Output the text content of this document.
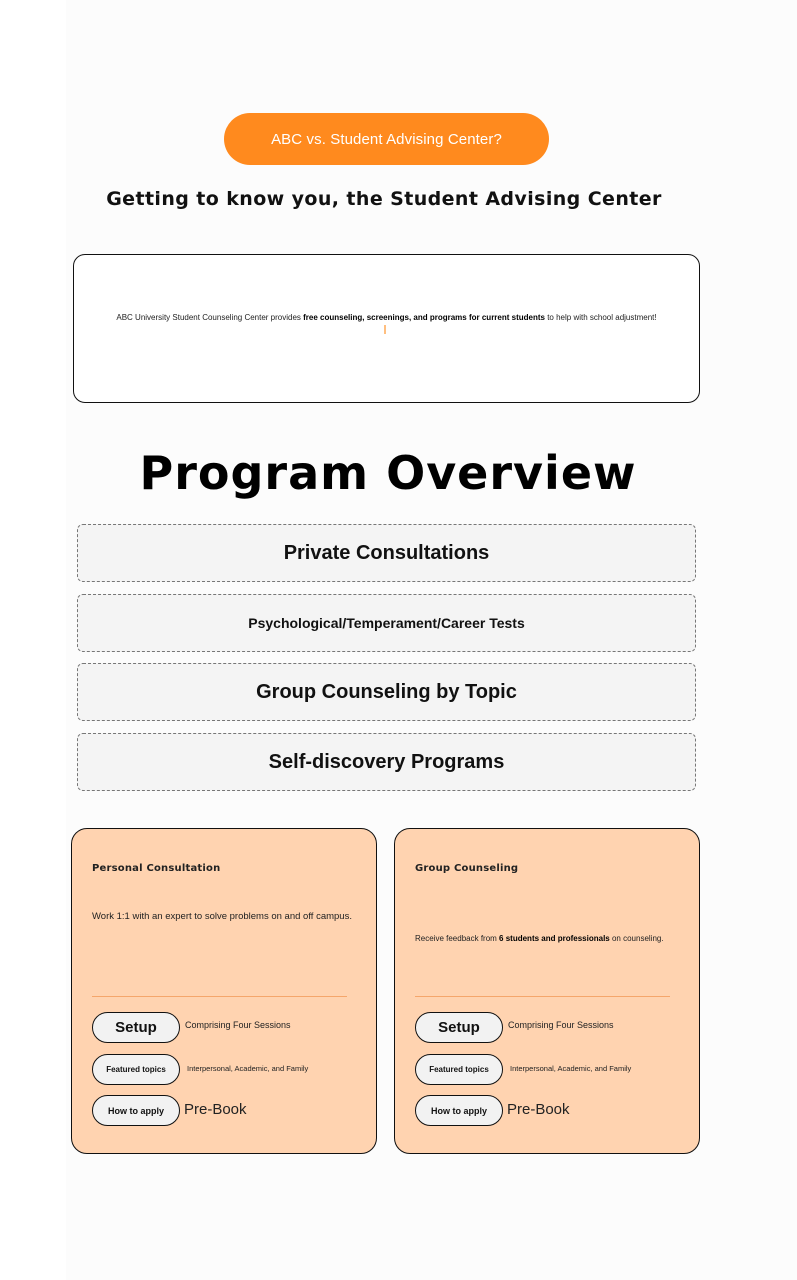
ABC vs. Student Advising Center?
Getting to know you, the Student Advising Center
ABC University Student Counseling Center provides free counseling, screenings, and programs for current students to help with school adjustment!
Program Overview
Private Consultations
Psychological/Temperament/Career Tests
Group Counseling by Topic
Self-discovery Programs
Personal Consultation
Work 1:1 with an expert to solve problems on and off campus.
Setup	Comprising Four Sessions
Featured topics	Interpersonal, Academic, and Family
How to apply	Pre-Book
Group Counseling
Receive feedback from 6 students and professionals on counseling.
Setup	Comprising Four Sessions
Featured topics	Interpersonal, Academic, and Family
How to apply	Pre-Book
